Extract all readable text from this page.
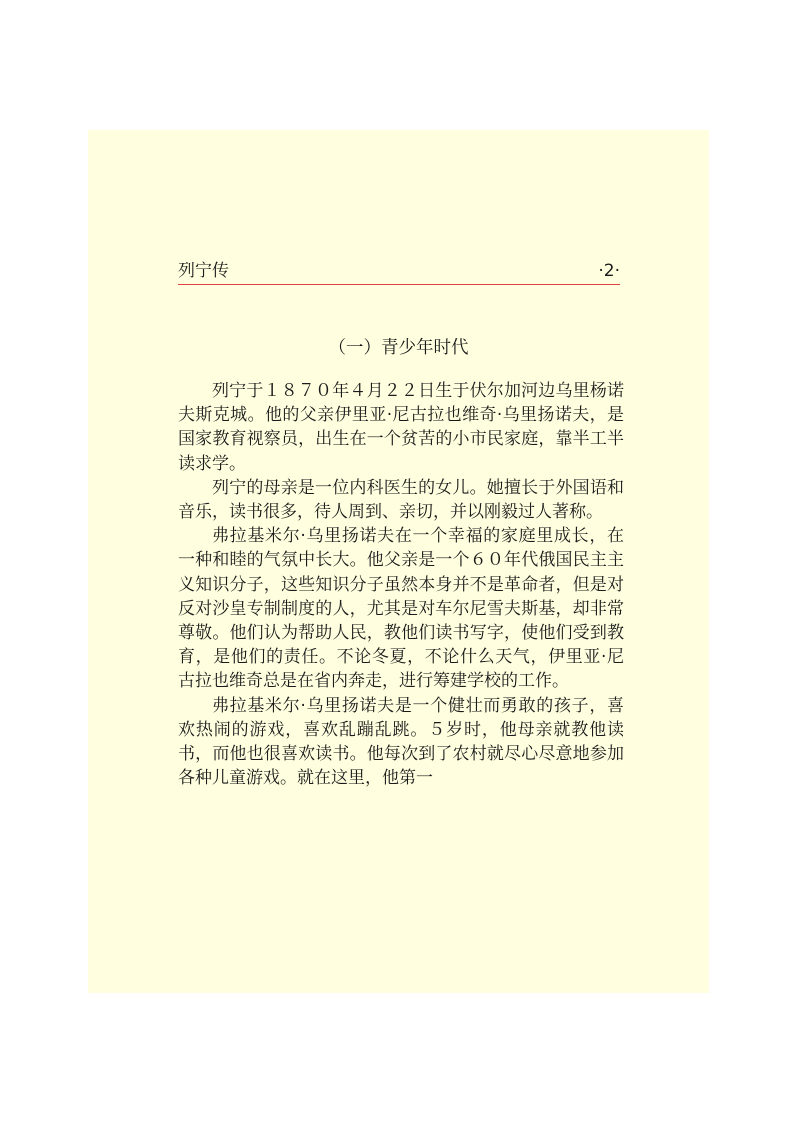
列宁传	·2·
（一）青少年时代

列宁于１８７０年４月２２日生于伏尔加河边乌里杨诺夫斯克城。他的父亲伊里亚·尼古拉也维奇·乌里扬诺夫，是国家教育视察员，出生在一个贫苦的小市民家庭，靠半工半读求学。

列宁的母亲是一位内科医生的女儿。她擅长于外国语和音乐，读书很多，待人周到、亲切，并以刚毅过人著称。

弗拉基米尔·乌里扬诺夫在一个幸福的家庭里成长，在一种和睦的气氛中长大。他父亲是一个６０年代俄国民主主义知识分子，这些知识分子虽然本身并不是革命者，但是对反对沙皇专制制度的人，尤其是对车尔尼雪夫斯基，却非常尊敬。他们认为帮助人民，教他们读书写字，使他们受到教育，是他们的责任。不论冬夏，不论什么天气，伊里亚·尼古拉也维奇总是在省内奔走，进行筹建学校的工作。

弗拉基米尔·乌里扬诺夫是一个健壮而勇敢的孩子，喜欢热闹的游戏，喜欢乱蹦乱跳。５岁时，他母亲就教他读书，而他也很喜欢读书。他每次到了农村就尽心尽意地参加各种儿童游戏。就在这里，他第一
